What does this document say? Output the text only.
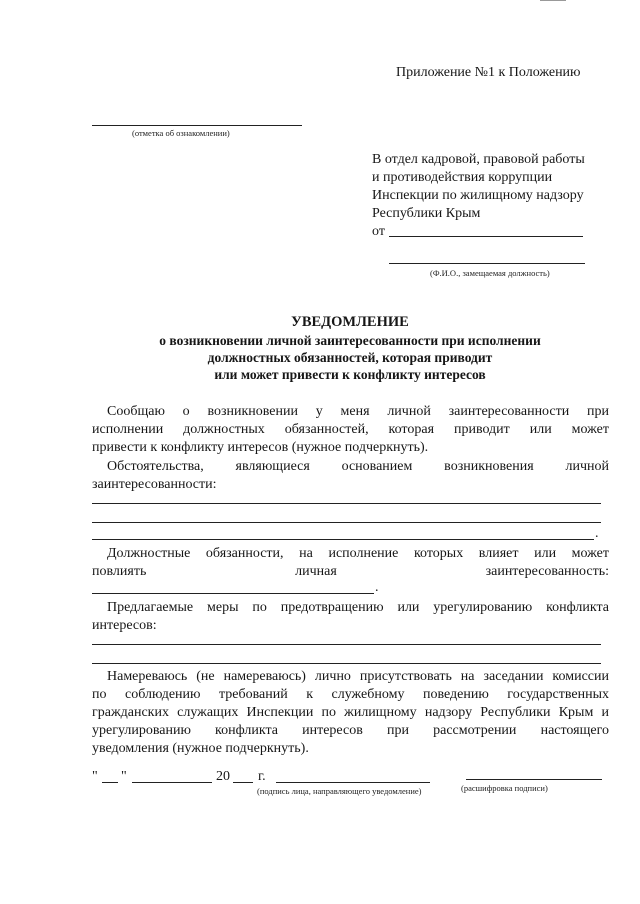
Приложение №1 к Положению
(отметка об ознакомлении)
В отдел кадровой, правовой работы
и противодействия коррупции
Инспекции по жилищному надзору
Республики Крым
от
(Ф.И.О., замещаемая должность)
УВЕДОМЛЕНИЕ
о возникновении личной заинтересованности при исполнении
должностных обязанностей, которая приводит
или может привести к конфликту интересов
Сообщаю о возникновении у меня личной заинтересованности при
исполнении должностных обязанностей, которая приводит или может
привести к конфликту интересов (нужное подчеркнуть).
Обстоятельства, являющиеся основанием возникновения личной
заинтересованности:
.
Должностные обязанности, на исполнение которых влияет или может
повлиять личная заинтересованность:
.
Предлагаемые меры по предотвращению или урегулированию конфликта
интересов:
Намереваюсь (не намереваюсь) лично присутствовать на заседании комиссии
по соблюдению требований к служебному поведению государственных
гражданских служащих Инспекции по жилищному надзору Республики Крым и
урегулированию конфликта интересов при рассмотрении настоящего
уведомления (нужное подчеркнуть).
" "	20 г.
(подпись лица, направляющего уведомление)	(расшифровка подписи)
